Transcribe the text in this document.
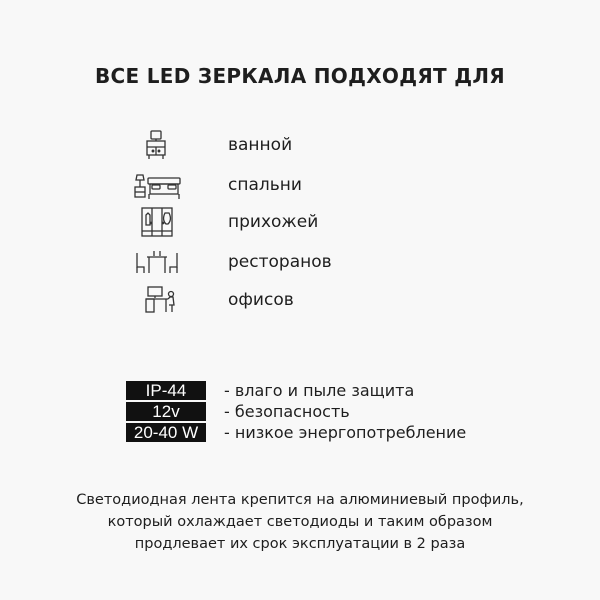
ВСЕ LED ЗЕРКАЛА ПОДХОДЯТ ДЛЯ
ванной
спальни
прихожей
ресторанов
офисов
IP-44	- влаго и пыле защита
12v	- безопасность
20-40 W	- низкое энергопотребление
Светодиодная лента крепится на алюминиевый профиль, который охлаждает светодиоды и таким образом продлевает их срок эксплуатации в 2 раза
